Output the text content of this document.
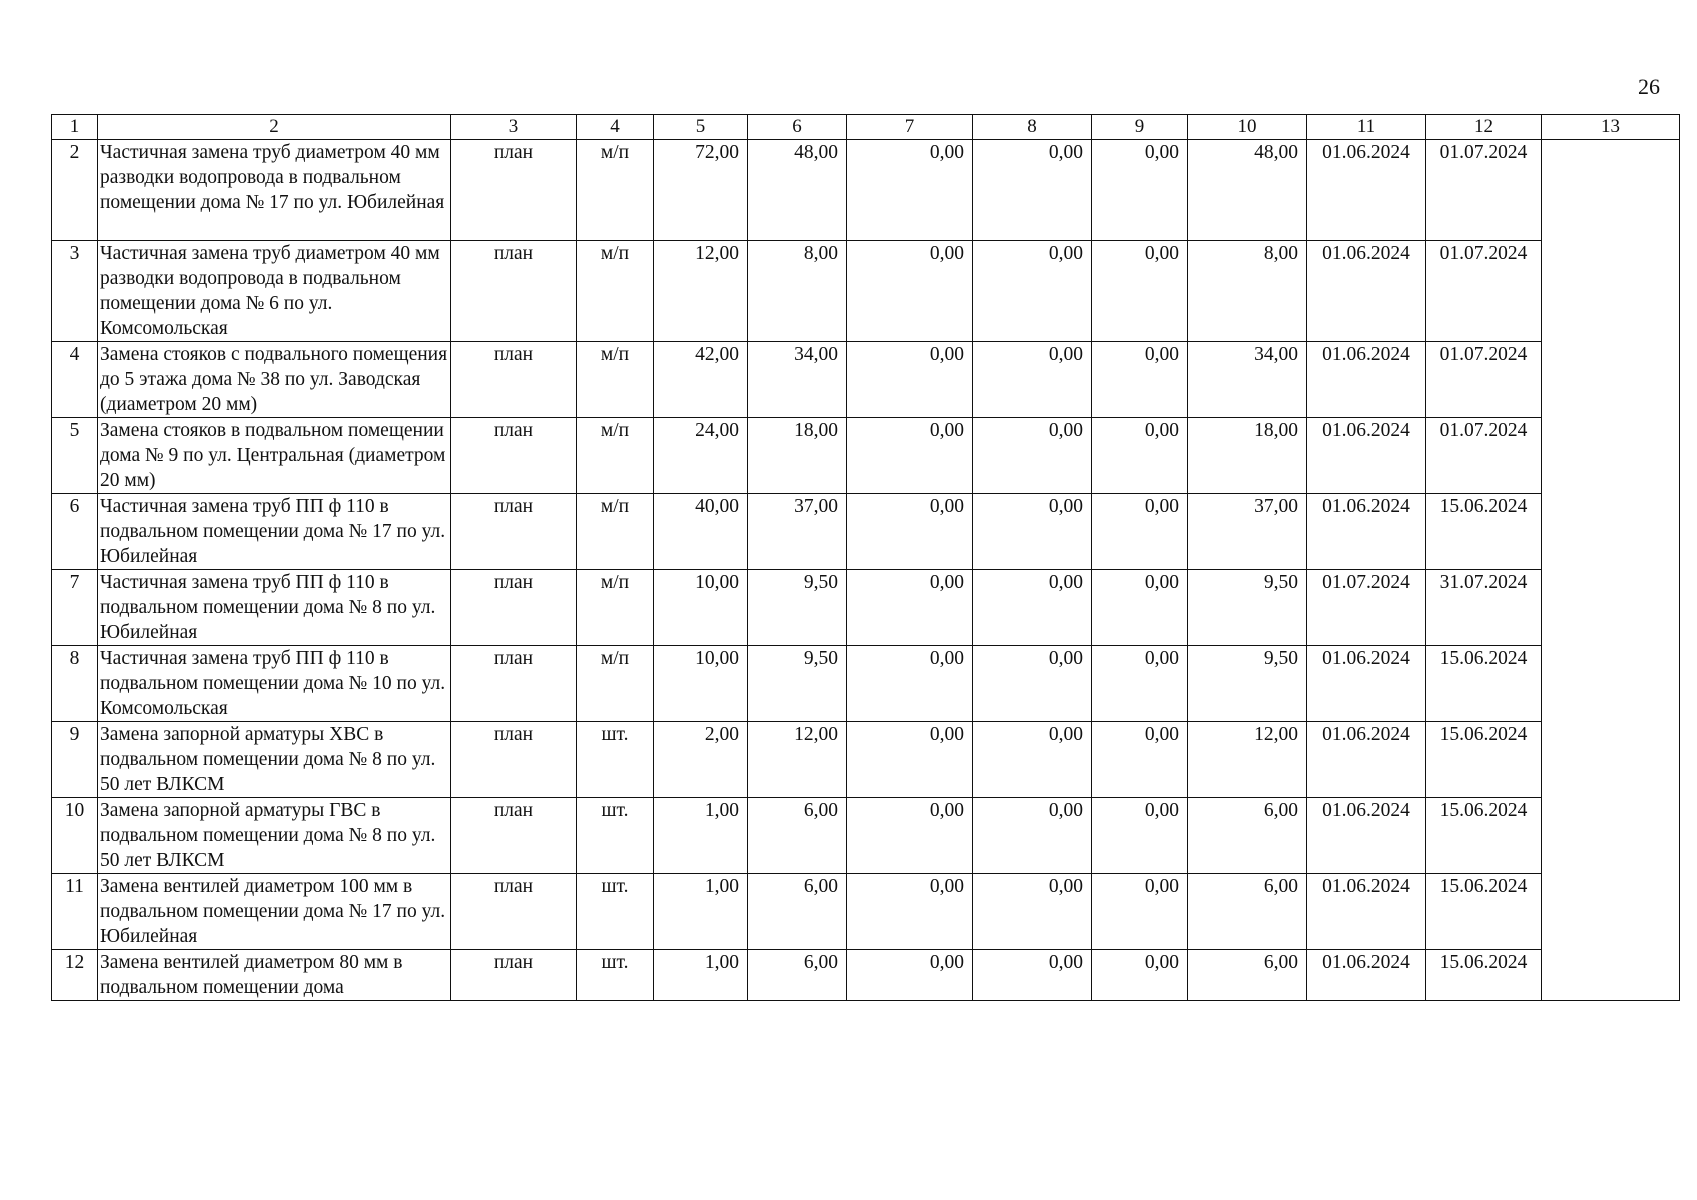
26
1	2	3	4	5	6	7	8	9	10	11	12	13
2	Частичная замена труб диаметром 40 мм разводки водопровода в подвальном помещении дома № 17 по ул. Юбилейная	план	м/п	72,00	48,00	0,00	0,00	0,00	48,00	01.06.2024	01.07.2024	
3	Частичная замена труб диаметром 40 мм разводки водопровода в подвальном помещении дома № 6 по ул. Комсомольская	план	м/п	12,00	8,00	0,00	0,00	0,00	8,00	01.06.2024	01.07.2024	
4	Замена стояков с подвального помещения до 5 этажа дома № 38 по ул. Заводская (диаметром 20 мм)	план	м/п	42,00	34,00	0,00	0,00	0,00	34,00	01.06.2024	01.07.2024	
5	Замена стояков в подвальном помещении дома № 9 по ул. Центральная (диаметром 20 мм)	план	м/п	24,00	18,00	0,00	0,00	0,00	18,00	01.06.2024	01.07.2024	
6	Частичная замена труб ПП ф 110 в подвальном помещении дома № 17 по ул. Юбилейная	план	м/п	40,00	37,00	0,00	0,00	0,00	37,00	01.06.2024	15.06.2024	
7	Частичная замена труб ПП ф 110 в подвальном помещении дома № 8 по ул. Юбилейная	план	м/п	10,00	9,50	0,00	0,00	0,00	9,50	01.07.2024	31.07.2024	
8	Частичная замена труб ПП ф 110 в подвальном помещении дома № 10 по ул. Комсомольская	план	м/п	10,00	9,50	0,00	0,00	0,00	9,50	01.06.2024	15.06.2024	
9	Замена запорной арматуры ХВС в подвальном помещении дома № 8 по ул. 50 лет ВЛКСМ	план	шт.	2,00	12,00	0,00	0,00	0,00	12,00	01.06.2024	15.06.2024	
10	Замена запорной арматуры ГВС в подвальном помещении дома № 8 по ул. 50 лет ВЛКСМ	план	шт.	1,00	6,00	0,00	0,00	0,00	6,00	01.06.2024	15.06.2024	
11	Замена вентилей диаметром 100 мм в подвальном помещении дома № 17 по ул. Юбилейная	план	шт.	1,00	6,00	0,00	0,00	0,00	6,00	01.06.2024	15.06.2024	
12	Замена вентилей диаметром 80 мм в подвальном помещении дома	план	шт.	1,00	6,00	0,00	0,00	0,00	6,00	01.06.2024	15.06.2024	
